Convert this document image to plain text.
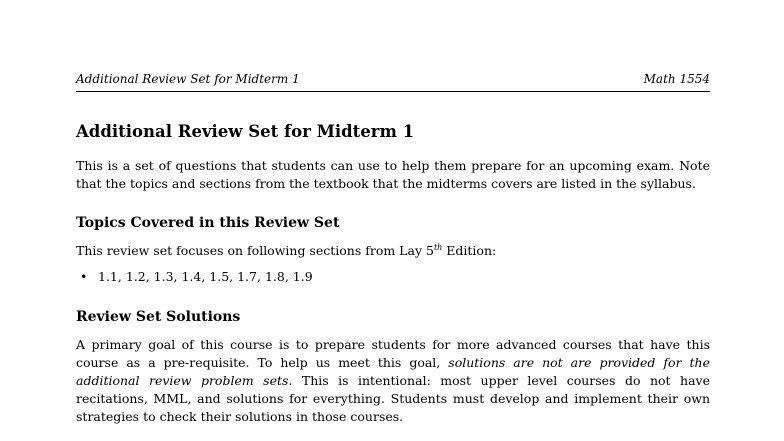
Additional Review Set for Midterm 1	Math 1554
Additional Review Set for Midterm 1

This is a set of questions that students can use to help them prepare for an upcoming exam. Note that the topics and sections from the textbook that the midterms covers are listed in the syllabus.

Topics Covered in this Review Set

This review set focuses on following sections from Lay 5th Edition:

• 1.1, 1.2, 1.3, 1.4, 1.5, 1.7, 1.8, 1.9
Review Set Solutions

A primary goal of this course is to prepare students for more advanced courses that have this course as a pre-requisite. To help us meet this goal, solutions are not are provided for the additional review problem sets. This is intentional: most upper level courses do not have recitations, MML, and solutions for everything. Students must develop and implement their own strategies to check their solutions in those courses.
